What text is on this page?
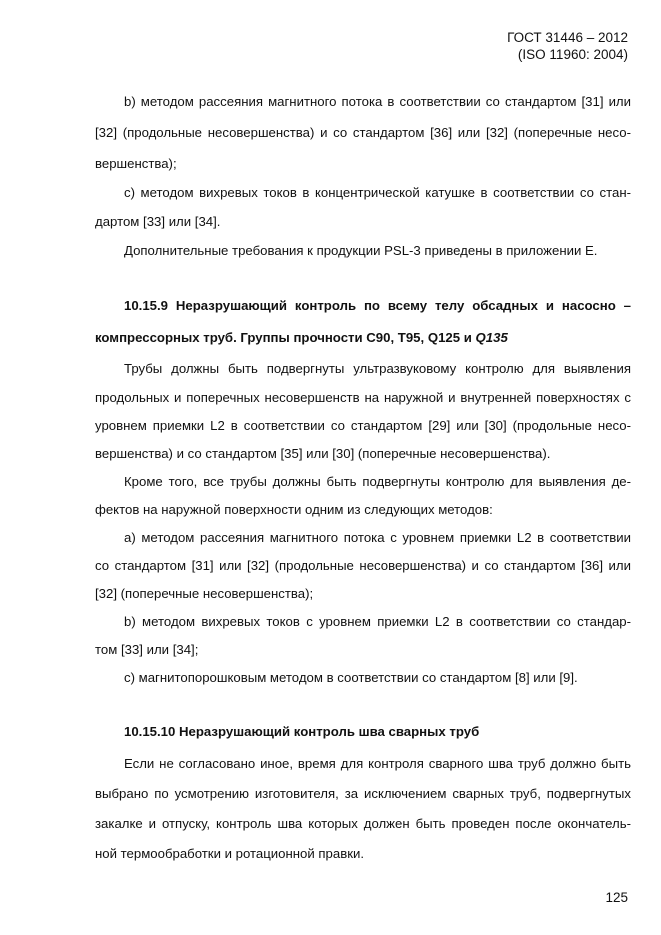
ГОСТ 31446 – 2012
(ISO 11960: 2004)
b) методом рассеяния магнитного потока в соответствии со стандартом [31] или
[32] (продольные несовершенства) и со стандартом [36] или [32] (поперечные несо-
вершенства);
c) методом вихревых токов в концентрической катушке в соответствии со стан-
дартом [33] или [34].
Дополнительные требования к продукции PSL-3 приведены в приложении Е.
10.15.9 Неразрушающий контроль по всему телу обсадных и насосно –
компрессорных труб. Группы прочности С90, Т95, Q125 и Q135
Трубы должны быть подвергнуты ультразвуковому контролю для выявления
продольных и поперечных несовершенств на наружной и внутренней поверхностях с
уровнем приемки L2 в соответствии со стандартом [29] или [30] (продольные несо-
вершенства) и со стандартом [35] или [30] (поперечные несовершенства).
Кроме того, все трубы должны быть подвергнуты контролю для выявления де-
фектов на наружной поверхности одним из следующих методов:
a) методом рассеяния магнитного потока с уровнем приемки L2 в соответствии
со стандартом [31] или [32] (продольные несовершенства) и со стандартом [36] или
[32] (поперечные несовершенства);
b) методом вихревых токов с уровнем приемки L2 в соответствии со стандар-
том [33] или [34];
c) магнитопорошковым методом в соответствии со стандартом [8] или [9].
10.15.10 Неразрушающий контроль шва сварных труб
Если не согласовано иное, время для контроля сварного шва труб должно быть
выбрано по усмотрению изготовителя, за исключением сварных труб, подвергнутых
закалке и отпуску, контроль шва которых должен быть проведен после окончатель-
ной термообработки и ротационной правки.
125
